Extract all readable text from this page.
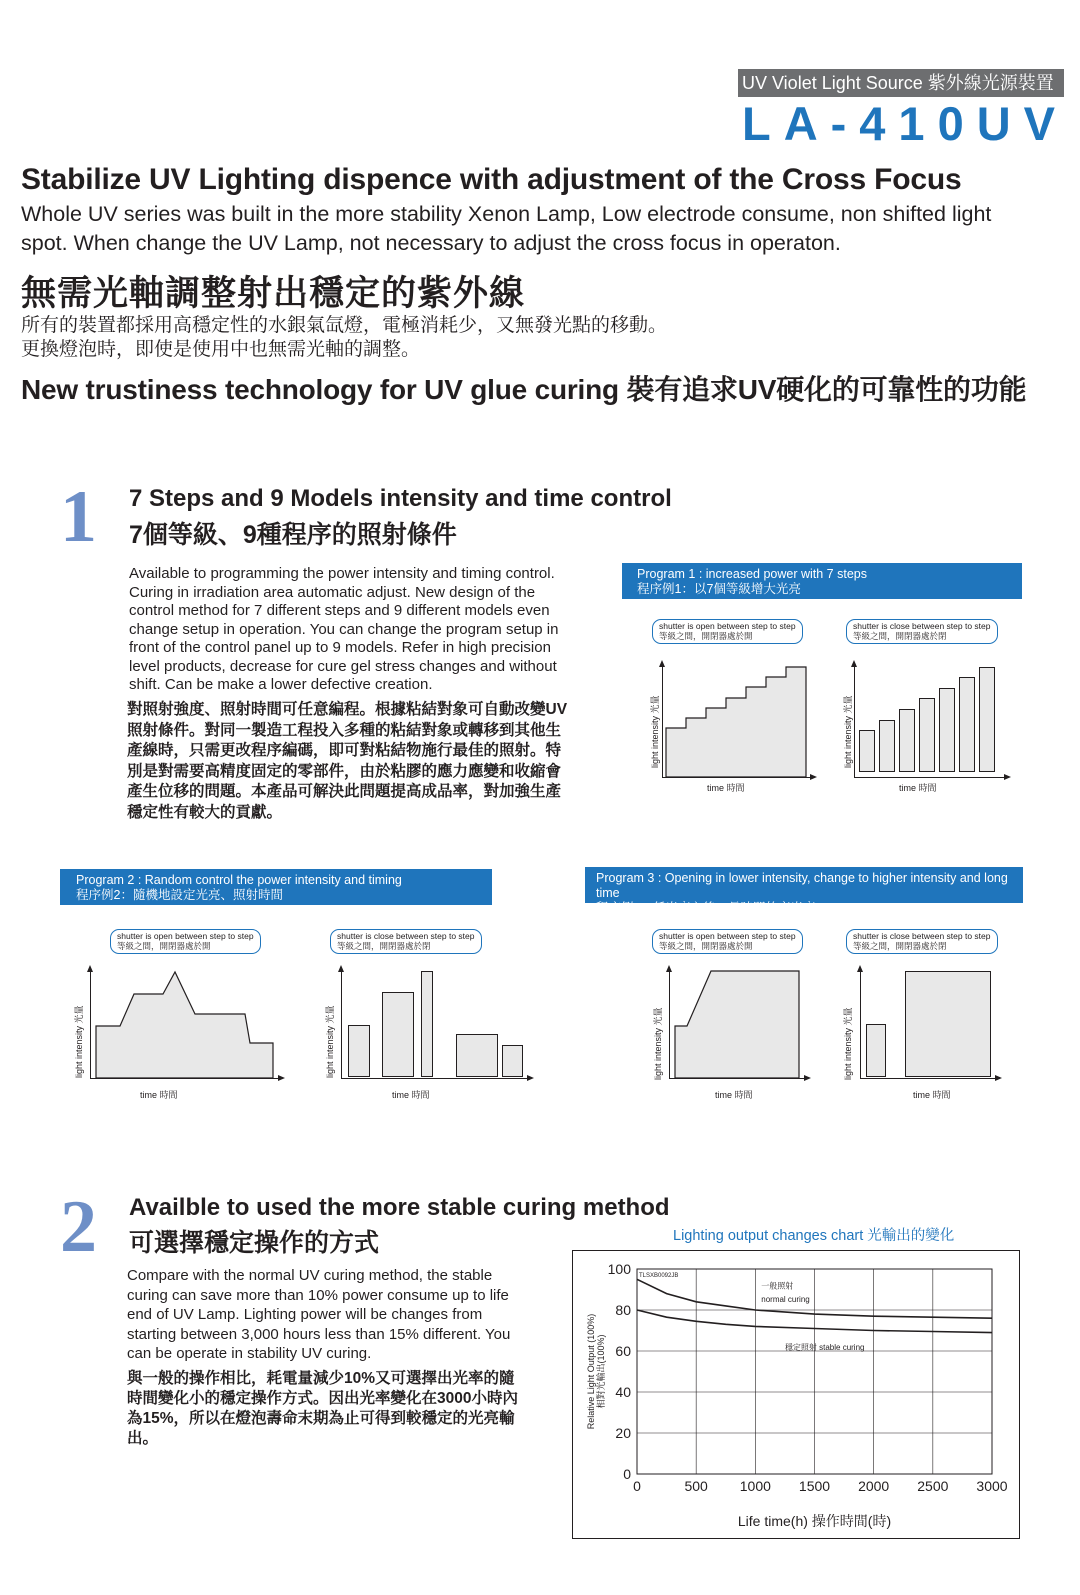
UV Violet Light Source 紫外線光源裝置
LA-410UV
Stabilize UV Lighting dispence with adjustment of the Cross Focus
Whole UV series was built in the more stability Xenon Lamp, Low electrode consume, non shifted light spot. When change the UV Lamp, not necessary to adjust the cross focus in operaton.
無需光軸調整射出穩定的紫外線
所有的裝置都採用高穩定性的水銀氣氙燈，電極消耗少，又無發光點的移動。
更換燈泡時，即使是使用中也無需光軸的調整。
New trustiness technology for UV glue curing 裝有追求UV硬化的可靠性的功能
1 7 Steps and 9 Models intensity and time control
7個等級、9種程序的照射條件
Available to programming the power intensity and timing control. Curing in irradiation area automatic adjust. New design of the control method for 7 different steps and 9 different models even change setup in operation. You can change the program setup in front of the control panel up to 9 models. Refer in high precision level products, decrease for cure gel stress changes and without shift. Can be make a lower defective creation.
對照射強度、照射時間可任意編程。根據粘結對象可自動改變UV照射條件。對同一製造工程投入多種的粘結對象或轉移到其他生產線時，只需更改程序編碼，即可對粘結物施行最佳的照射。特別是對需要高精度固定的零部件，由於粘膠的應力應變和收縮會產生位移的問題。本產品可解決此問題提高成品率，對加強生產穩定性有較大的貢獻。
Program 1 : increased power with 7 steps
程序例1：以7個等級增大光亮
shutter is open between step to step
等級之間，開閉器處於開
light intensity 光量
time 時間
shutter is close between step to step
等級之間，開閉器處於閉
light intensity 光量
time 時間
Program 2 : Random control the power intensity and timing
程序例2：隨機地設定光亮、照射時間
shutter is open between step to step
等級之間，開閉器處於開
light intensity 光量
time 時間
shutter is close between step to step
等級之間，開閉器處於閉
light intensity 光量
time 時間
Program 3 : Opening in lower intensity, change to higher intensity and long time
程序例3：低光亮之後，長時間的高光亮
shutter is open between step to step
等級之間，開閉器處於開
light intensity 光量
time 時間
shutter is close between step to step
等級之間，開閉器處於閉
light intensity 光量
time 時間
2 Availble to used the more stable curing method
可選擇穩定操作的方式
Compare with the normal UV curing method, the stable curing can save more than 10% power consume up to life end of UV Lamp. Lighting power will be changes from starting between 3,000 hours less than 15% different. You can be operate in stability UV curing.
與一般的操作相比，耗電量減少10%又可選擇出光率的隨時間變化小的穩定操作方式。因出光率變化在3000小時內為15%，所以在燈泡壽命末期為止可得到較穩定的光亮輸出。
Lighting output changes chart 光輸出的變化
0	500 1000 1500 2000 2500 3000
0
20
40
60
80
100 TLSXB0092JB
一般照射
normal curing
穩定照射 stable curing
Life time(h) 操作時間(時)
Relative Light Output (100%) 相對光輸出(100%)
